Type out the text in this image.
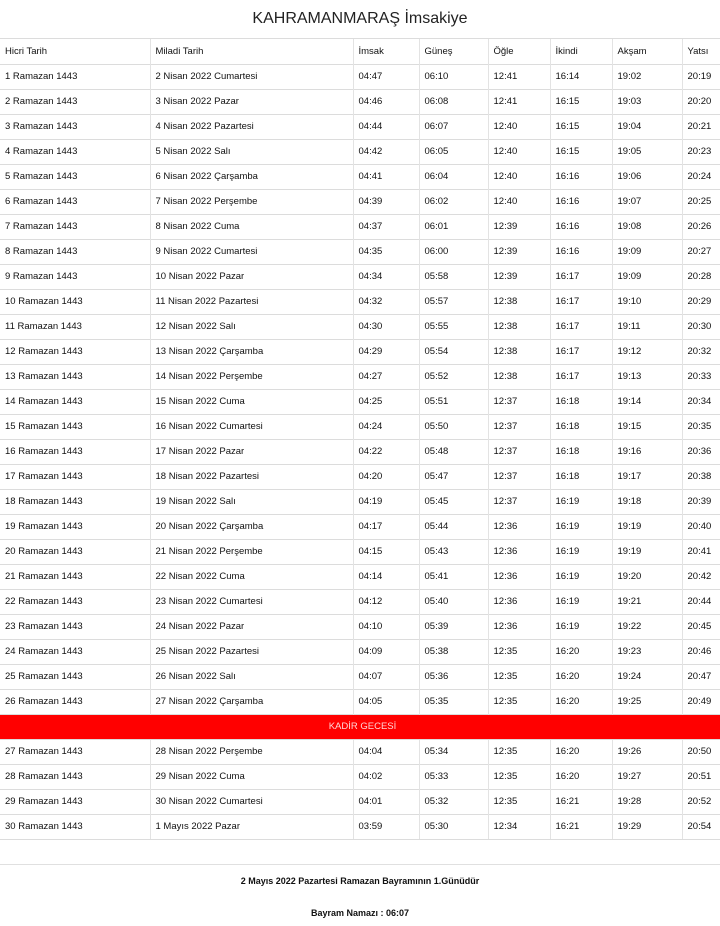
KAHRAMANMARAŞ İmsakiye
Hicri Tarih	Miladi Tarih	İmsak	Güneş	Öğle	İkindi	Akşam	Yatsı
1 Ramazan 1443	2 Nisan 2022 Cumartesi	04:47	06:10	12:41	16:14	19:02	20:19
2 Ramazan 1443	3 Nisan 2022 Pazar	04:46	06:08	12:41	16:15	19:03	20:20
3 Ramazan 1443	4 Nisan 2022 Pazartesi	04:44	06:07	12:40	16:15	19:04	20:21
4 Ramazan 1443	5 Nisan 2022 Salı	04:42	06:05	12:40	16:15	19:05	20:23
5 Ramazan 1443	6 Nisan 2022 Çarşamba	04:41	06:04	12:40	16:16	19:06	20:24
6 Ramazan 1443	7 Nisan 2022 Perşembe	04:39	06:02	12:40	16:16	19:07	20:25
7 Ramazan 1443	8 Nisan 2022 Cuma	04:37	06:01	12:39	16:16	19:08	20:26
8 Ramazan 1443	9 Nisan 2022 Cumartesi	04:35	06:00	12:39	16:16	19:09	20:27
9 Ramazan 1443	10 Nisan 2022 Pazar	04:34	05:58	12:39	16:17	19:09	20:28
10 Ramazan 1443	11 Nisan 2022 Pazartesi	04:32	05:57	12:38	16:17	19:10	20:29
11 Ramazan 1443	12 Nisan 2022 Salı	04:30	05:55	12:38	16:17	19:11	20:30
12 Ramazan 1443	13 Nisan 2022 Çarşamba	04:29	05:54	12:38	16:17	19:12	20:32
13 Ramazan 1443	14 Nisan 2022 Perşembe	04:27	05:52	12:38	16:17	19:13	20:33
14 Ramazan 1443	15 Nisan 2022 Cuma	04:25	05:51	12:37	16:18	19:14	20:34
15 Ramazan 1443	16 Nisan 2022 Cumartesi	04:24	05:50	12:37	16:18	19:15	20:35
16 Ramazan 1443	17 Nisan 2022 Pazar	04:22	05:48	12:37	16:18	19:16	20:36
17 Ramazan 1443	18 Nisan 2022 Pazartesi	04:20	05:47	12:37	16:18	19:17	20:38
18 Ramazan 1443	19 Nisan 2022 Salı	04:19	05:45	12:37	16:19	19:18	20:39
19 Ramazan 1443	20 Nisan 2022 Çarşamba	04:17	05:44	12:36	16:19	19:19	20:40
20 Ramazan 1443	21 Nisan 2022 Perşembe	04:15	05:43	12:36	16:19	19:19	20:41
21 Ramazan 1443	22 Nisan 2022 Cuma	04:14	05:41	12:36	16:19	19:20	20:42
22 Ramazan 1443	23 Nisan 2022 Cumartesi	04:12	05:40	12:36	16:19	19:21	20:44
23 Ramazan 1443	24 Nisan 2022 Pazar	04:10	05:39	12:36	16:19	19:22	20:45
24 Ramazan 1443	25 Nisan 2022 Pazartesi	04:09	05:38	12:35	16:20	19:23	20:46
25 Ramazan 1443	26 Nisan 2022 Salı	04:07	05:36	12:35	16:20	19:24	20:47
26 Ramazan 1443	27 Nisan 2022 Çarşamba	04:05	05:35	12:35	16:20	19:25	20:49
KADİR GECESİ							
27 Ramazan 1443	28 Nisan 2022 Perşembe	04:04	05:34	12:35	16:20	19:26	20:50
28 Ramazan 1443	29 Nisan 2022 Cuma	04:02	05:33	12:35	16:20	19:27	20:51
29 Ramazan 1443	30 Nisan 2022 Cumartesi	04:01	05:32	12:35	16:21	19:28	20:52
30 Ramazan 1443	1 Mayıs 2022 Pazar	03:59	05:30	12:34	16:21	19:29	20:54
2 Mayıs 2022 Pazartesi Ramazan Bayramının 1.Günüdür
Bayram Namazı : 06:07
